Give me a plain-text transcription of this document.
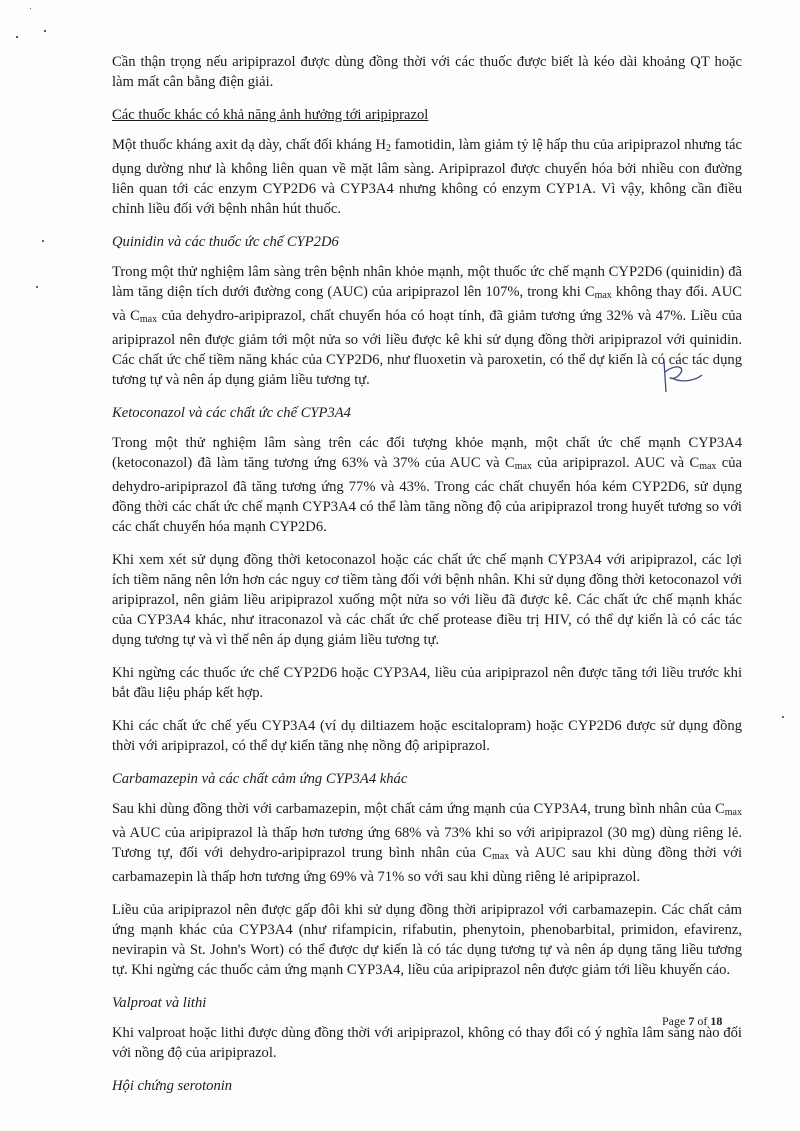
Cần thận trọng nếu aripiprazol được dùng đồng thời với các thuốc được biết là kéo dài khoảng QT hoặc làm mất cân bằng điện giải.
Các thuốc khác có khả năng ảnh hưởng tới aripiprazol
Một thuốc kháng axit dạ dày, chất đối kháng H2 famotidin, làm giảm tỷ lệ hấp thu của aripiprazol nhưng tác dụng dường như là không liên quan về mặt lâm sàng. Aripiprazol được chuyển hóa bởi nhiều con đường liên quan tới các enzym CYP2D6 và CYP3A4 nhưng không có enzym CYP1A. Vì vậy, không cần điều chỉnh liều đối với bệnh nhân hút thuốc.
Quinidin và các thuốc ức chế CYP2D6
Trong một thử nghiệm lâm sàng trên bệnh nhân khỏe mạnh, một thuốc ức chế mạnh CYP2D6 (quinidin) đã làm tăng diện tích dưới đường cong (AUC) của aripiprazol lên 107%, trong khi Cmax không thay đổi. AUC và Cmax của dehydro-aripiprazol, chất chuyển hóa có hoạt tính, đã giảm tương ứng 32% và 47%. Liều của aripiprazol nên được giảm tới một nửa so với liều được kê khi sử dụng đồng thời aripiprazol với quinidin. Các chất ức chế tiềm năng khác của CYP2D6, như fluoxetin và paroxetin, có thể dự kiến là có các tác dụng tương tự và nên áp dụng giảm liều tương tự.
Ketoconazol và các chất ức chế CYP3A4
Trong một thử nghiệm lâm sàng trên các đối tượng khỏe mạnh, một chất ức chế mạnh CYP3A4 (ketoconazol) đã làm tăng tương ứng 63% và 37% của AUC và Cmax của aripiprazol. AUC và Cmax của dehydro-aripiprazol đã tăng tương ứng 77% và 43%. Trong các chất chuyển hóa kém CYP2D6, sử dụng đồng thời các chất ức chế mạnh CYP3A4 có thể làm tăng nồng độ của aripiprazol trong huyết tương so với các chất chuyển hóa mạnh CYP2D6.
Khi xem xét sử dụng đồng thời ketoconazol hoặc các chất ức chế mạnh CYP3A4 với aripiprazol, các lợi ích tiềm năng nên lớn hơn các nguy cơ tiềm tàng đối với bệnh nhân. Khi sử dụng đồng thời ketoconazol với aripiprazol, nên giảm liều aripiprazol xuống một nửa so với liều đã được kê. Các chất ức chế mạnh khác của CYP3A4 khác, như itraconazol và các chất ức chế protease điều trị HIV, có thể dự kiến là có các tác dụng tương tự và vì thế nên áp dụng giảm liều tương tự.
Khi ngừng các thuốc ức chế CYP2D6 hoặc CYP3A4, liều của aripiprazol nên được tăng tới liều trước khi bắt đầu liệu pháp kết hợp.
Khi các chất ức chế yếu CYP3A4 (ví dụ diltiazem hoặc escitalopram) hoặc CYP2D6 được sử dụng đồng thời với aripiprazol, có thể dự kiến tăng nhẹ nồng độ aripiprazol.
Carbamazepin và các chất cảm ứng CYP3A4 khác
Sau khi dùng đồng thời với carbamazepin, một chất cảm ứng mạnh của CYP3A4, trung bình nhân của Cmax và AUC của aripiprazol là thấp hơn tương ứng 68% và 73% khi so với aripiprazol (30 mg) dùng riêng lẻ. Tương tự, đối với dehydro-aripiprazol trung bình nhân của Cmax và AUC sau khi dùng đồng thời với carbamazepin là thấp hơn tương ứng 69% và 71% so với sau khi dùng riêng lẻ aripiprazol.
Liều của aripiprazol nên được gấp đôi khi sử dụng đồng thời aripiprazol với carbamazepin. Các chất cảm ứng mạnh khác của CYP3A4 (như rifampicin, rifabutin, phenytoin, phenobarbital, primidon, efavirenz, nevirapin và St. John's Wort) có thể được dự kiến là có tác dụng tương tự và nên áp dụng tăng liều tương tự. Khi ngừng các thuốc cảm ứng mạnh CYP3A4, liều của aripiprazol nên được giảm tới liều khuyến cáo.
Valproat và lithi
Khi valproat hoặc lithi được dùng đồng thời với aripiprazol, không có thay đổi có ý nghĩa lâm sàng nào đối với nồng độ của aripiprazol.
Hội chứng serotonin
Page 7 of 18
